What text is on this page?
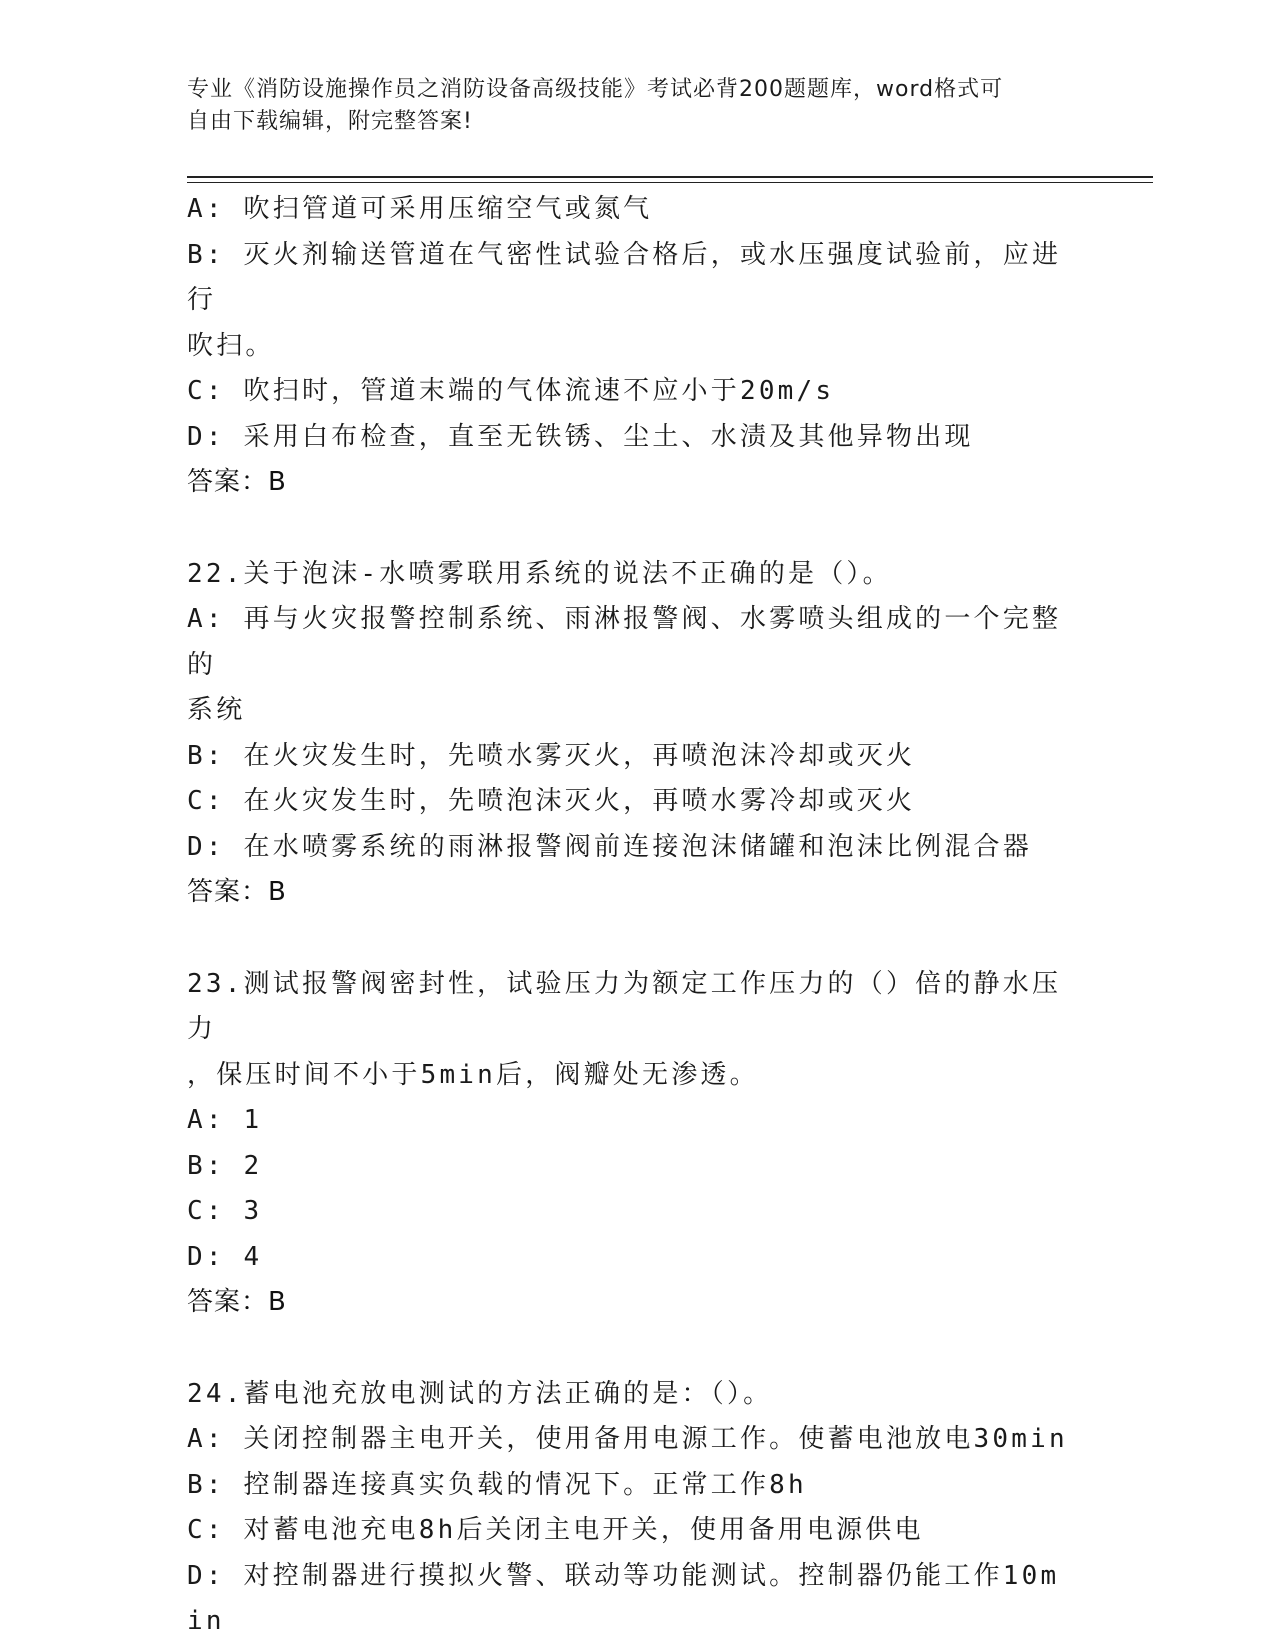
专业《消防设施操作员之消防设备高级技能》考试必背200题题库，word格式可
自由下载编辑，附完整答案!
A: 吹扫管道可采用压缩空气或氮气
B: 灭火剂输送管道在气密性试验合格后，或水压强度试验前，应进行
吹扫。
C: 吹扫时，管道末端的气体流速不应小于20m/s
D: 采用白布检查，直至无铁锈、尘土、水渍及其他异物出现
答案：B
22.关于泡沫-水喷雾联用系统的说法不正确的是（）。
A: 再与火灾报警控制系统、雨淋报警阀、水雾喷头组成的一个完整的
系统
B: 在火灾发生时，先喷水雾灭火，再喷泡沫冷却或灭火
C: 在火灾发生时，先喷泡沫灭火，再喷水雾冷却或灭火
D: 在水喷雾系统的雨淋报警阀前连接泡沫储罐和泡沫比例混合器
答案：B
23.测试报警阀密封性，试验压力为额定工作压力的（）倍的静水压力
，保压时间不小于5min后，阀瓣处无渗透。
A: 1
B: 2
C: 3
D: 4
答案：B
24.蓄电池充放电测试的方法正确的是：（）。
A: 关闭控制器主电开关，使用备用电源工作。使蓄电池放电30min
B: 控制器连接真实负载的情况下。正常工作8h
C: 对蓄电池充电8h后关闭主电开关，使用备用电源供电
D: 对控制器进行摸拟火警、联动等功能测试。控制器仍能工作10min
